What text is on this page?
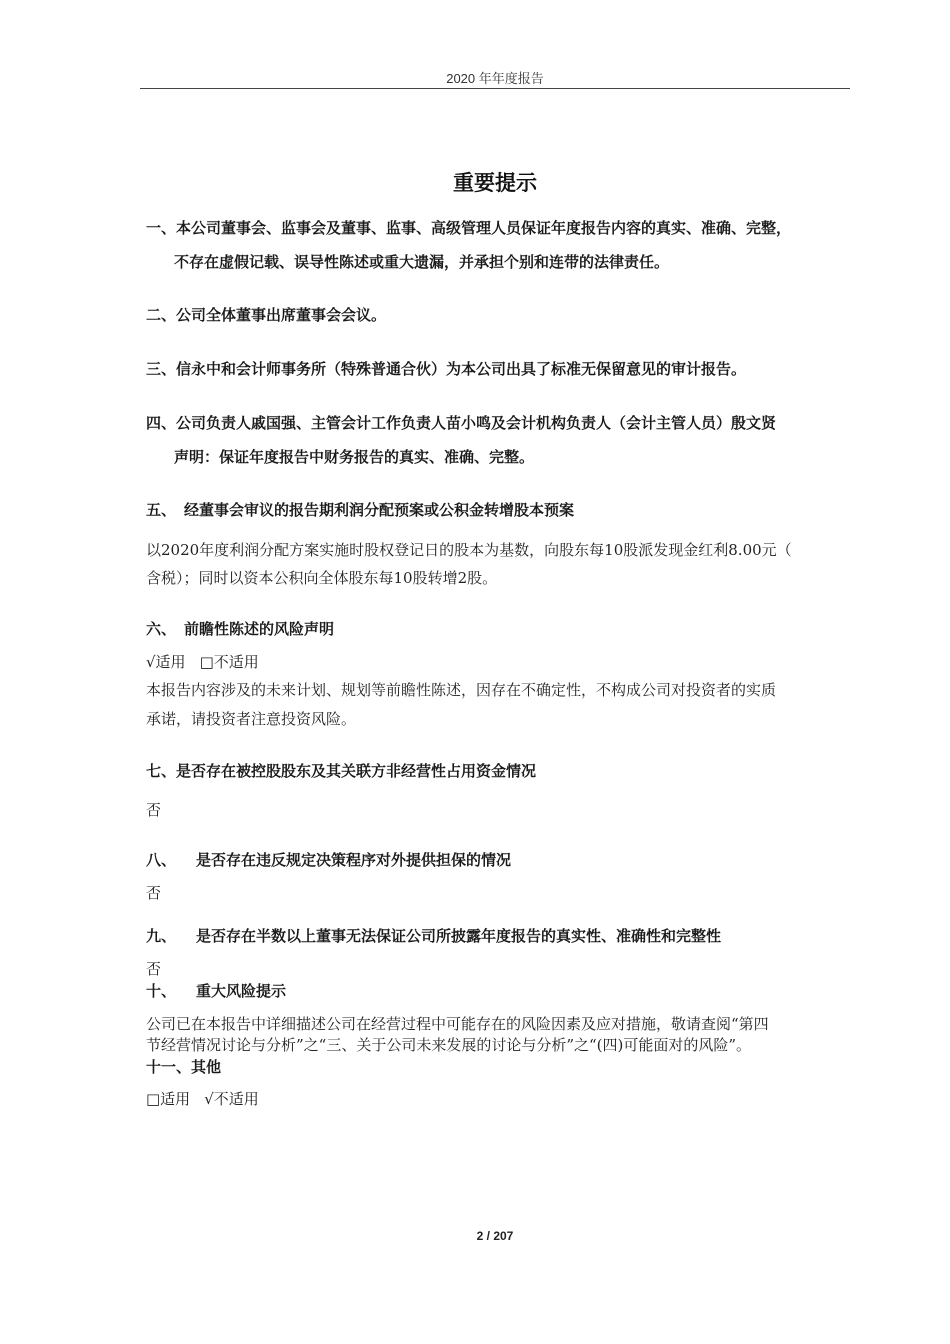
2020 年年度报告
重要提示
一、本公司董事会、监事会及董事、监事、高级管理人员保证年度报告内容的真实、准确、完整，
不存在虚假记载、误导性陈述或重大遗漏，并承担个别和连带的法律责任。
二、公司全体董事出席董事会会议。
三、信永中和会计师事务所（特殊普通合伙）为本公司出具了标准无保留意见的审计报告。
四、公司负责人戚国强、主管会计工作负责人苗小鸣及会计机构负责人（会计主管人员）殷文贤
声明：保证年度报告中财务报告的真实、准确、完整。
五、 经董事会审议的报告期利润分配预案或公积金转增股本预案
以2020年度利润分配方案实施时股权登记日的股本为基数，向股东每10股派发现金红利8.00元（
含税）；同时以资本公积向全体股东每10股转增2股。
六、 前瞻性陈述的风险声明
√适用 □不适用
本报告内容涉及的未来计划、规划等前瞻性陈述，因存在不确定性，不构成公司对投资者的实质
承诺，请投资者注意投资风险。
七、是否存在被控股股东及其关联方非经营性占用资金情况
否
八、 是否存在违反规定决策程序对外提供担保的情况
否
九、 是否存在半数以上董事无法保证公司所披露年度报告的真实性、准确性和完整性
否
十、 重大风险提示
公司已在本报告中详细描述公司在经营过程中可能存在的风险因素及应对措施，敬请查阅“第四
节经营情况讨论与分析”之“三、关于公司未来发展的讨论与分析”之“(四)可能面对的风险”。
十一、其他
□适用 √不适用
2 / 207
